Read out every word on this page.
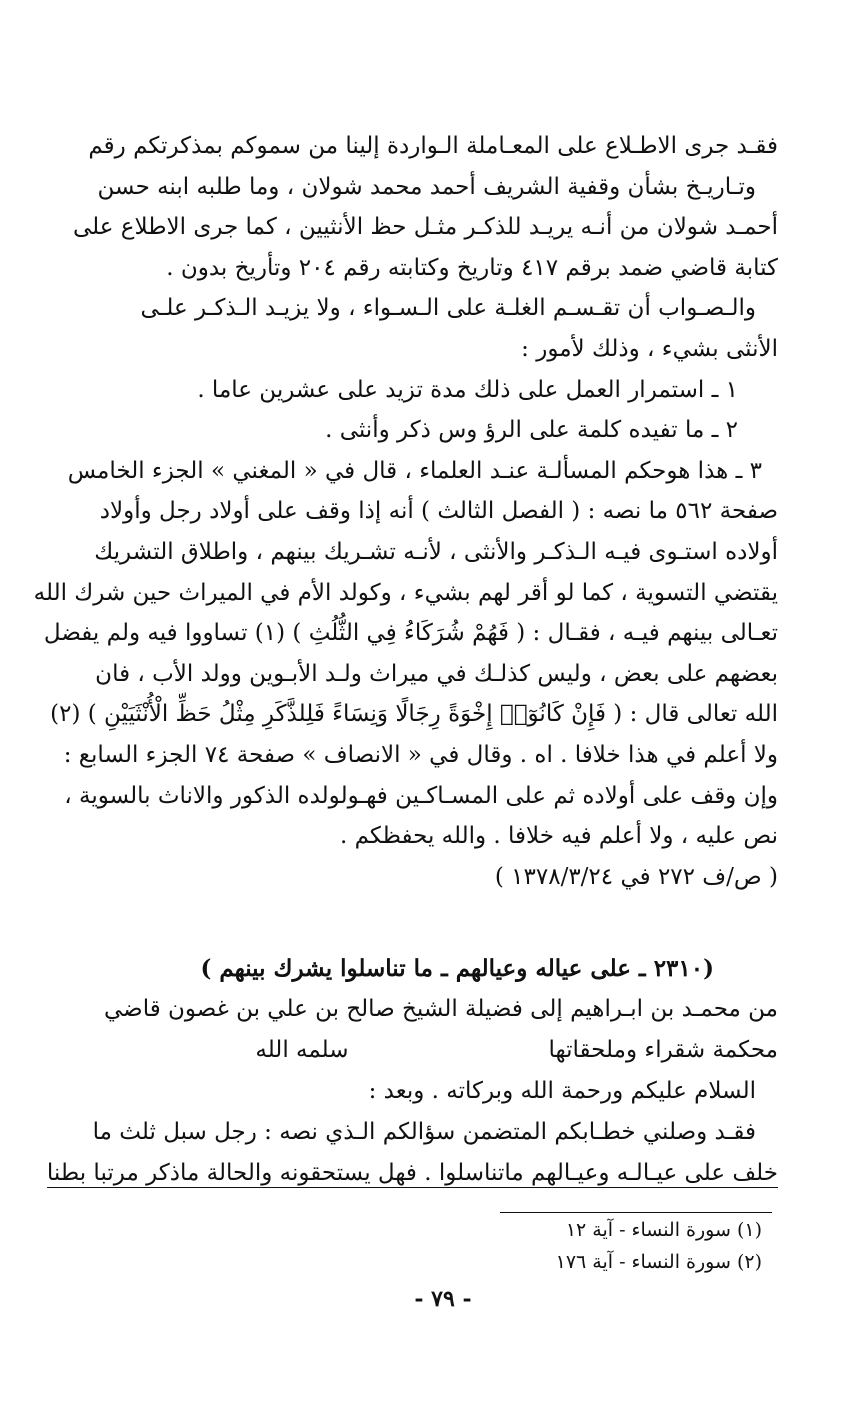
فقـد جرى الاطـلاع على المعـاملة الـواردة إلينا من سموكم بمذكرتكم رقم
وتـاريـخ بشأن وقفية الشريف أحمد محمد شولان ، وما طلبه ابنه حسن
أحمـد شولان من أنـه يريـد للذكـر مثـل حظ الأنثيين ، كما جرى الاطلاع على
كتابة قاضي ضمد برقم ٤١٧ وتاريخ وكتابته رقم ٢٠٤ وتأريخ بدون .
والـصـواب أن تقـسـم الغلـة على الـسـواء ، ولا يزيـد الـذكـر علـى
الأنثى بشيء ، وذلك لأمور :
١ ـ استمرار العمل على ذلك مدة تزيد على عشرين عاما .
٢ ـ ما تفيده كلمة على الرؤ وس ذكر وأنثى .
٣ ـ هذا هوحكم المسألـة عنـد العلماء ، قال في « المغني » الجزء الخامس
صفحة ٥٦٢ ما نصه : ( الفصل الثالث ) أنه إذا وقف على أولاد رجل وأولاد
أولاده استـوى فيـه الـذكـر والأنثى ، لأنـه تشـريك بينهم ، واطلاق التشريك
يقتضي التسوية ، كما لو أقر لهم بشيء ، وكولد الأم في الميراث حين شرك الله
تعـالى بينهم فيـه ، فقـال : ( فَهُمْ شُرَكَاءُ فِي الثُّلُثِ ) (١) تساووا فيه ولم يفضل
بعضهم على بعض ، وليس كذلـك في ميراث ولـد الأبـوين وولد الأب ، فان
الله تعالى قال : ( فَإِنْ كَانُوٓا۟ إِخْوَةً رِجَالًا وَنِسَاءً فَلِلذَّكَرِ مِثْلُ حَظِّ الْأُنْثَيَيْنِ ) (٢)
ولا أعلم في هذا خلافا . اه . وقال في « الانصاف » صفحة ٧٤ الجزء السابع :
وإن وقف على أولاده ثم على المسـاكـين فهـولولده الذكور والاناث بالسوية ،
نص عليه ، ولا أعلم فيه خلافا . والله يحفظكم .
( ص/ف ٢٧٢ في ١٣٧٨/٣/٢٤ )
(٢٣١٠ ـ على عياله وعيالهم ـ ما تناسلوا يشرك بينهم )
من محمـد بن ابـراهيم إلى فضيلة الشيخ صالح بن علي بن غصون قاضي
محكمة شقراء وملحقاتهاسلمه الله
السلام عليكم ورحمة الله وبركاته . وبعد :
فقـد وصلني خطـابكم المتضمن سؤالكم الـذي نصه : رجل سبل ثلث ما
خلف على عيـالـه وعيـالهم ماتناسلوا . فهل يستحقونه والحالة ماذكر مرتبا بطنا
(١) سورة النساء - آية ١٢
(٢) سورة النساء - آية ١٧٦
- ٧٩ -
